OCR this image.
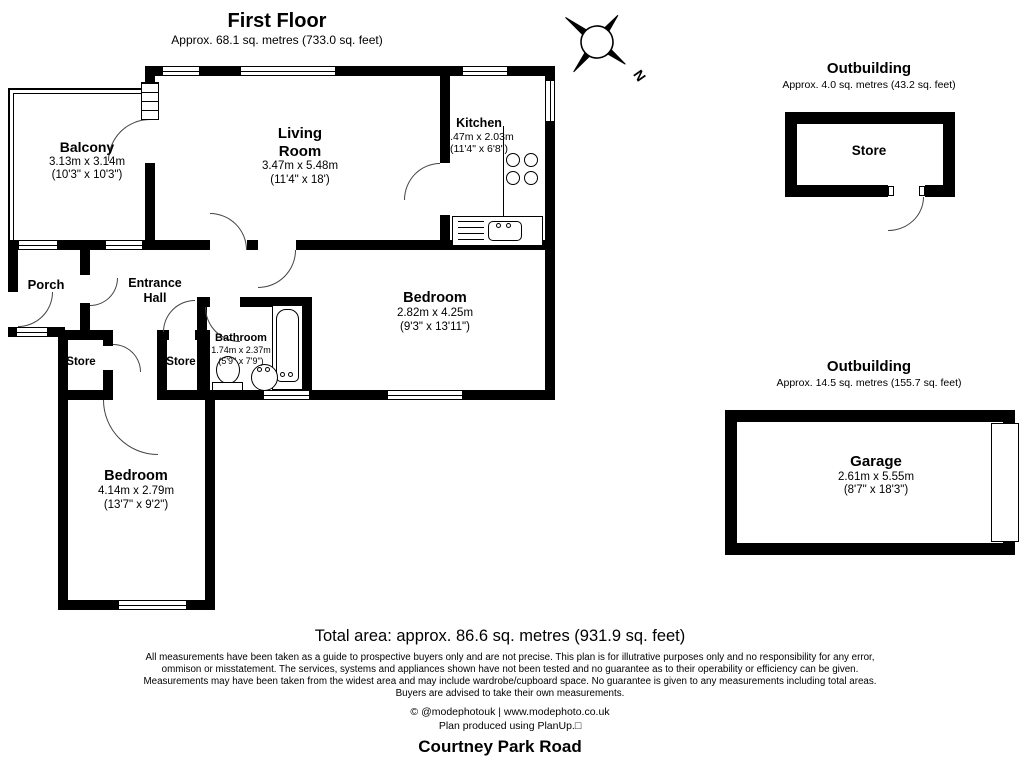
First Floor
Approx. 68.1 sq. metres (733.0 sq. feet)
N
Balcony
3.13m x 3.14m
(10'3" x 10'3")
Living Room
3.47m x 5.48m
(11'4" x 18')
Kitchen
3.47m x 2.03m
(11'4" x 6'8")
Porch	Entrance Hall
Store	Store
Bathroom
1.74m x 2.37m
(5'9" x 7'9")
Bedroom
2.82m x 4.25m
(9'3" x 13'11")
Bedroom
4.14m x 2.79m
(13'7" x 9'2")
Outbuilding
Approx. 4.0 sq. metres (43.2 sq. feet)
Store
Outbuilding
Approx. 14.5 sq. metres (155.7 sq. feet)
Garage
2.61m x 5.55m
(8'7" x 18'3")
Total area: approx. 86.6 sq. metres (931.9 sq. feet)
All measurements have been taken as a guide to prospective buyers only and are not precise. This plan is for illutrative purposes only and no responsibility for any error,
ommison or misstatement. The services, systems and appliances shown have not been tested and no guarantee as to their operability or efficiency can be given.
Measurements may have been taken from the widest area and may include wardrobe/cupboard space. No guarantee is given to any measurements including total areas.
Buyers are advised to take their own measurements.
© @modephotouk | www.modephoto.co.uk
Plan produced using PlanUp.□
Courtney Park Road
